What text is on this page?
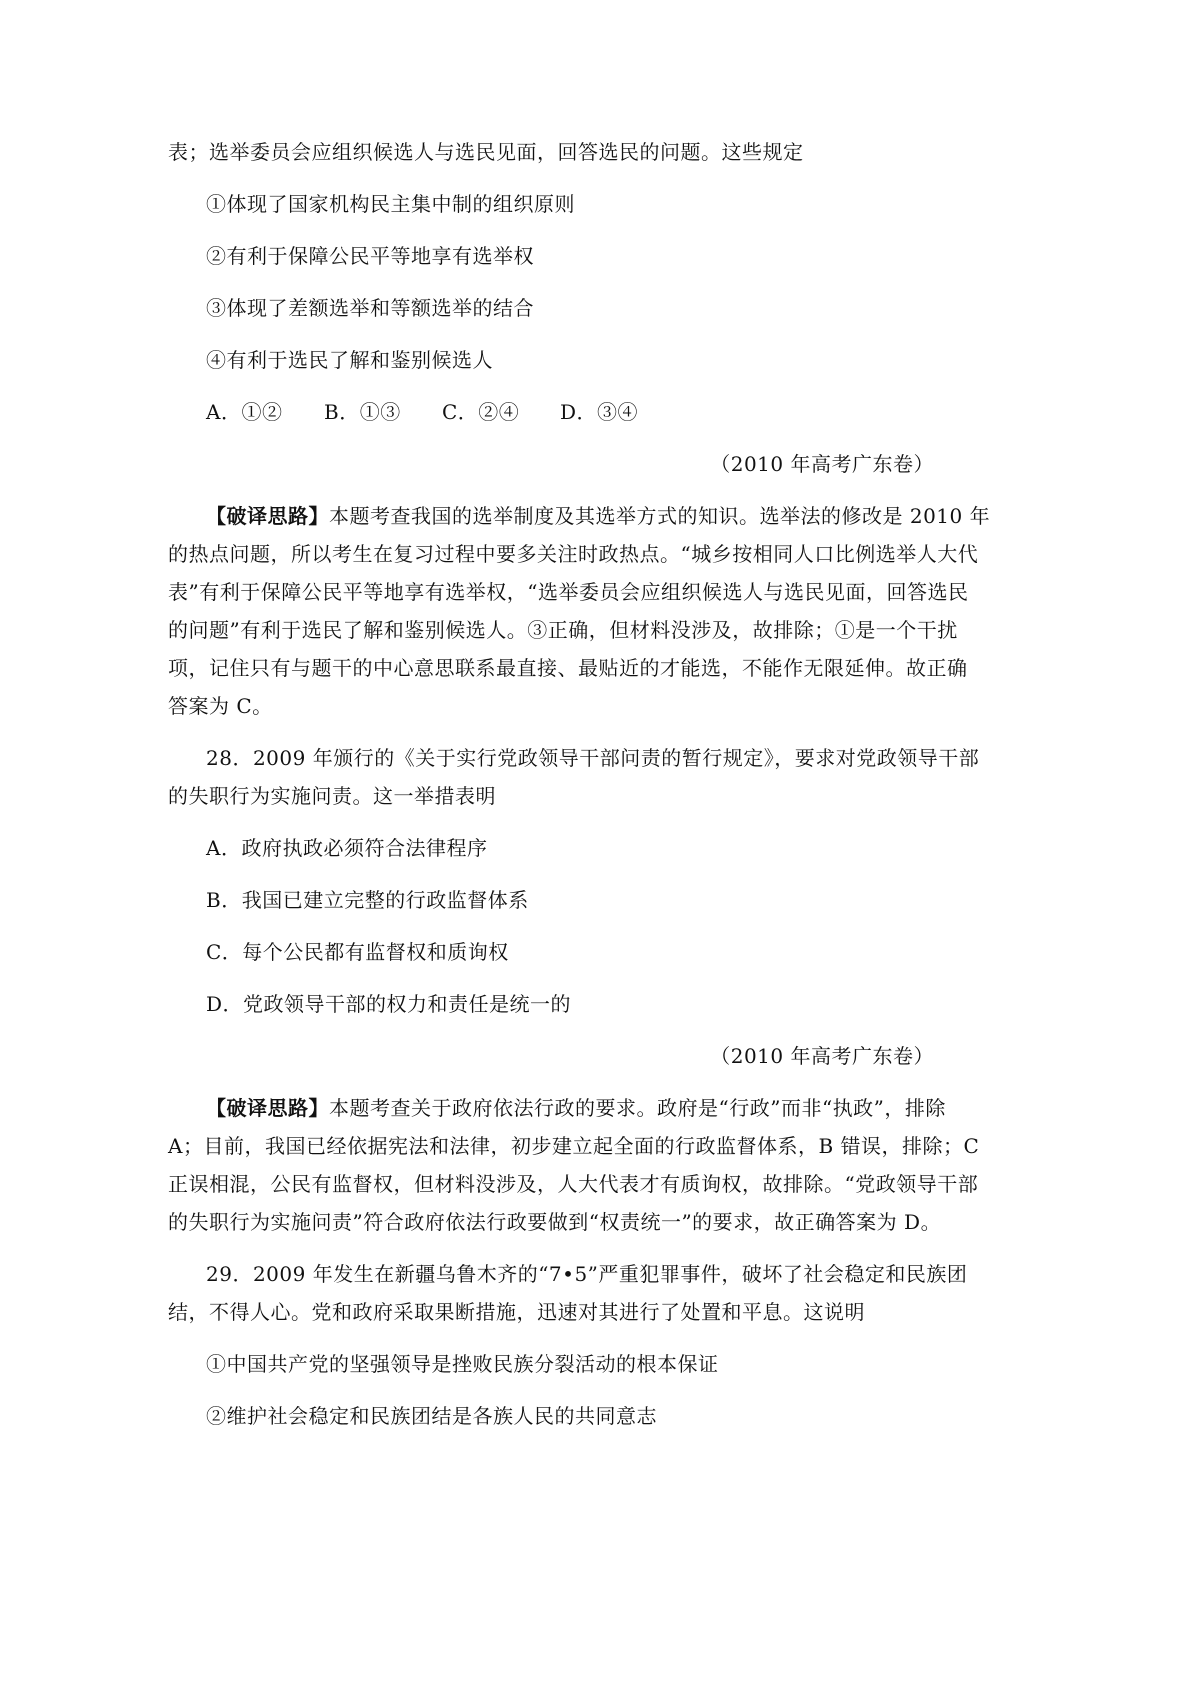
表；选举委员会应组织候选人与选民见面，回答选民的问题。这些规定
①体现了国家机构民主集中制的组织原则
②有利于保障公民平等地享有选举权
③体现了差额选举和等额选举的结合
④有利于选民了解和鉴别候选人
A．①② B．①③ C．②④ D．③④
（2010 年高考广东卷）
【破译思路】本题考查我国的选举制度及其选举方式的知识。选举法的修改是 2010 年
的热点问题，所以考生在复习过程中要多关注时政热点。“城乡按相同人口比例选举人大代
表”有利于保障公民平等地享有选举权，“选举委员会应组织候选人与选民见面，回答选民
的问题”有利于选民了解和鉴别候选人。③正确，但材料没涉及，故排除；①是一个干扰
项，记住只有与题干的中心意思联系最直接、最贴近的才能选，不能作无限延伸。故正确
答案为 C。
28．2009 年颁行的《关于实行党政领导干部问责的暂行规定》，要求对党政领导干部
的失职行为实施问责。这一举措表明
A．政府执政必须符合法律程序
B．我国已建立完整的行政监督体系
C．每个公民都有监督权和质询权
D．党政领导干部的权力和责任是统一的
（2010 年高考广东卷）
【破译思路】本题考查关于政府依法行政的要求。政府是“行政”而非“执政”，排除
A；目前，我国已经依据宪法和法律，初步建立起全面的行政监督体系，B 错误，排除；C
正误相混，公民有监督权，但材料没涉及，人大代表才有质询权，故排除。“党政领导干部
的失职行为实施问责”符合政府依法行政要做到“权责统一”的要求，故正确答案为 D。
29．2009 年发生在新疆乌鲁木齐的“7•5”严重犯罪事件，破坏了社会稳定和民族团
结，不得人心。党和政府采取果断措施，迅速对其进行了处置和平息。这说明
①中国共产党的坚强领导是挫败民族分裂活动的根本保证
②维护社会稳定和民族团结是各族人民的共同意志
